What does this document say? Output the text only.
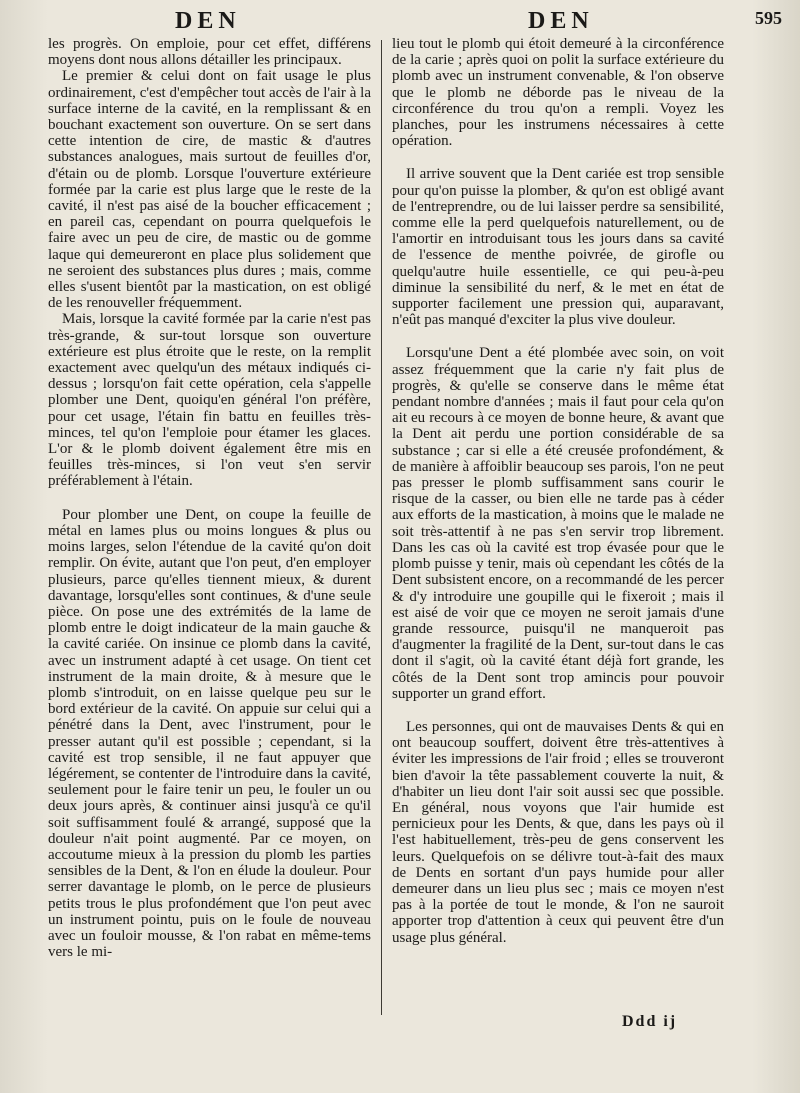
DEN	DEN	595

les progrès. On emploie, pour cet effet, différens moyens dont nous allons détailler les principaux.

Le premier & celui dont on fait usage le plus ordinairement, c'est d'empêcher tout accès de l'air à la surface interne de la cavité, en la remplissant & en bouchant exactement son ouverture. On se sert dans cette intention de cire, de mastic & d'autres substances analogues, mais surtout de feuilles d'or, d'étain ou de plomb. Lorsque l'ouverture extérieure formée par la carie est plus large que le reste de la cavité, il n'est pas aisé de la boucher efficacement ; en pareil cas, cependant on pourra quelquefois le faire avec un peu de cire, de mastic ou de gomme laque qui demeureront en place plus solidement que ne seroient des substances plus dures ; mais, comme elles s'usent bientôt par la mastication, on est obligé de les renouveller fréquemment.

Mais, lorsque la cavité formée par la carie n'est pas très-grande, & sur-tout lorsque son ouverture extérieure est plus étroite que le reste, on la remplit exactement avec quelqu'un des métaux indiqués ci-dessus ; lorsqu'on fait cette opération, cela s'appelle plomber une Dent, quoiqu'en général l'on préfère, pour cet usage, l'étain fin battu en feuilles très-minces, tel qu'on l'emploie pour étamer les glaces. L'or & le plomb doivent également être mis en feuilles très-minces, si l'on veut s'en servir préférablement à l'étain.

Pour plomber une Dent, on coupe la feuille de métal en lames plus ou moins longues & plus ou moins larges, selon l'étendue de la cavité qu'on doit remplir. On évite, autant que l'on peut, d'en employer plusieurs, parce qu'elles tiennent mieux, & durent davantage, lorsqu'elles sont continues, & d'une seule pièce. On pose une des extrémités de la lame de plomb entre le doigt indicateur de la main gauche & la cavité cariée. On insinue ce plomb dans la cavité, avec un instrument adapté à cet usage. On tient cet instrument de la main droite, & à mesure que le plomb s'introduit, on en laisse quelque peu sur le bord extérieur de la cavité. On appuie sur celui qui a pénétré dans la Dent, avec l'instrument, pour le presser autant qu'il est possible ; cependant, si la cavité est trop sensible, il ne faut appuyer que légérement, se contenter de l'introduire dans la cavité, seulement pour le faire tenir un peu, le fouler un ou deux jours après, & continuer ainsi jusqu'à ce qu'il soit suffisamment foulé & arrangé, supposé que la douleur n'ait point augmenté. Par ce moyen, on accoutume mieux à la pression du plomb les parties sensibles de la Dent, & l'on en élude la douleur. Pour serrer davantage le plomb, on le perce de plusieurs petits trous le plus profondément que l'on peut avec un instrument pointu, puis on le foule de nouveau avec un fouloir mousse, & l'on rabat en même-tems vers le mi-

lieu tout le plomb qui étoit demeuré à la circonférence de la carie ; après quoi on polit la surface extérieure du plomb avec un instrument convenable, & l'on observe que le plomb ne déborde pas le niveau de la circonférence du trou qu'on a rempli. Voyez les planches, pour les instrumens nécessaires à cette opération.

Il arrive souvent que la Dent cariée est trop sensible pour qu'on puisse la plomber, & qu'on est obligé avant de l'entreprendre, ou de lui laisser perdre sa sensibilité, comme elle la perd quelquefois naturellement, ou de l'amortir en introduisant tous les jours dans sa cavité de l'essence de menthe poivrée, de girofle ou quelqu'autre huile essentielle, ce qui peu-à-peu diminue la sensibilité du nerf, & le met en état de supporter facilement une pression qui, auparavant, n'eût pas manqué d'exciter la plus vive douleur.

Lorsqu'une Dent a été plombée avec soin, on voit assez fréquemment que la carie n'y fait plus de progrès, & qu'elle se conserve dans le même état pendant nombre d'années ; mais il faut pour cela qu'on ait eu recours à ce moyen de bonne heure, & avant que la Dent ait perdu une portion considérable de sa substance ; car si elle a été creusée profondément, & de manière à affoiblir beaucoup ses parois, l'on ne peut pas presser le plomb suffisamment sans courir le risque de la casser, ou bien elle ne tarde pas à céder aux efforts de la mastication, à moins que le malade ne soit très-attentif à ne pas s'en servir trop librement. Dans les cas où la cavité est trop évasée pour que le plomb puisse y tenir, mais où cependant les côtés de la Dent subsistent encore, on a recommandé de les percer & d'y introduire une goupille qui le fixeroit ; mais il est aisé de voir que ce moyen ne seroit jamais d'une grande ressource, puisqu'il ne manqueroit pas d'augmenter la fragilité de la Dent, sur-tout dans le cas dont il s'agit, où la cavité étant déjà fort grande, les côtés de la Dent sont trop amincis pour pouvoir supporter un grand effort.

Les personnes, qui ont de mauvaises Dents & qui en ont beaucoup souffert, doivent être très-attentives à éviter les impressions de l'air froid ; elles se trouveront bien d'avoir la tête passablement couverte la nuit, & d'habiter un lieu dont l'air soit aussi sec que possible. En général, nous voyons que l'air humide est pernicieux pour les Dents, & que, dans les pays où il l'est habituellement, très-peu de gens conservent les leurs. Quelquefois on se délivre tout-à-fait des maux de Dents en sortant d'un pays humide pour aller demeurer dans un lieu plus sec ; mais ce moyen n'est pas à la portée de tout le monde, & l'on ne sauroit apporter trop d'attention à ceux qui peuvent être d'un usage plus général.

Ddd ij
